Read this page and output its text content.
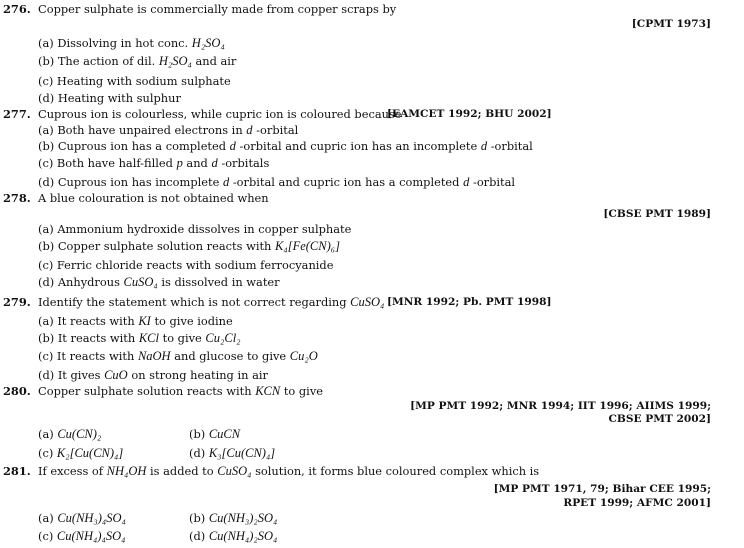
276. Copper sulphate is commercially made from copper scraps by
[CPMT 1973]
(a) Dissolving in hot conc. H₂SO₄
(b) The action of dil. H₂SO₄ and air
(c) Heating with sodium sulphate
(d) Heating with sulphur
277. Cuprous ion is colourless, while cupric ion is coloured because
[EAMCET 1992; BHU 2002]
(a) Both have unpaired electrons in d -orbital
(b) Cuprous ion has a completed d -orbital and cupric ion has an incomplete d -orbital
(c) Both have half-filled p and d -orbitals
(d) Cuprous ion has incomplete d -orbital and cupric ion has a completed d -orbital
278. A blue colouration is not obtained when
[CBSE PMT 1989]
(a) Ammonium hydroxide dissolves in copper sulphate
(b) Copper sulphate solution reacts with K₄[Fe(CN)₆]
(c) Ferric chloride reacts with sodium ferrocyanide
(d) Anhydrous CuSO₄ is dissolved in water
279. Identify the statement which is not correct regarding CuSO₄ [MNR 1992; Pb. PMT 1998]
(a) It reacts with KI to give iodine
(b) It reacts with KCl to give Cu₂Cl₂
(c) It reacts with NaOH and glucose to give Cu₂O
(d) It gives CuO on strong heating in air
280. Copper sulphate solution reacts with KCN to give
[MP PMT 1992; MNR 1994; IIT 1996; AIIMS 1999;
CBSE PMT 2002]
(a) Cu(CN)₂	(b) CuCN
(c) K₂[Cu(CN)₄]	(d) K₃[Cu(CN)₄]
281. If excess of NH₄OH is added to CuSO₄ solution, it forms blue coloured complex which is
[MP PMT 1971, 79; Bihar CEE 1995;
RPET 1999; AFMC 2001]
(a) Cu(NH₃)₄SO₄	(b) Cu(NH₃)₂SO₄
(c) Cu(NH₄)₄SO₄	(d) Cu(NH₄)₂SO₄
